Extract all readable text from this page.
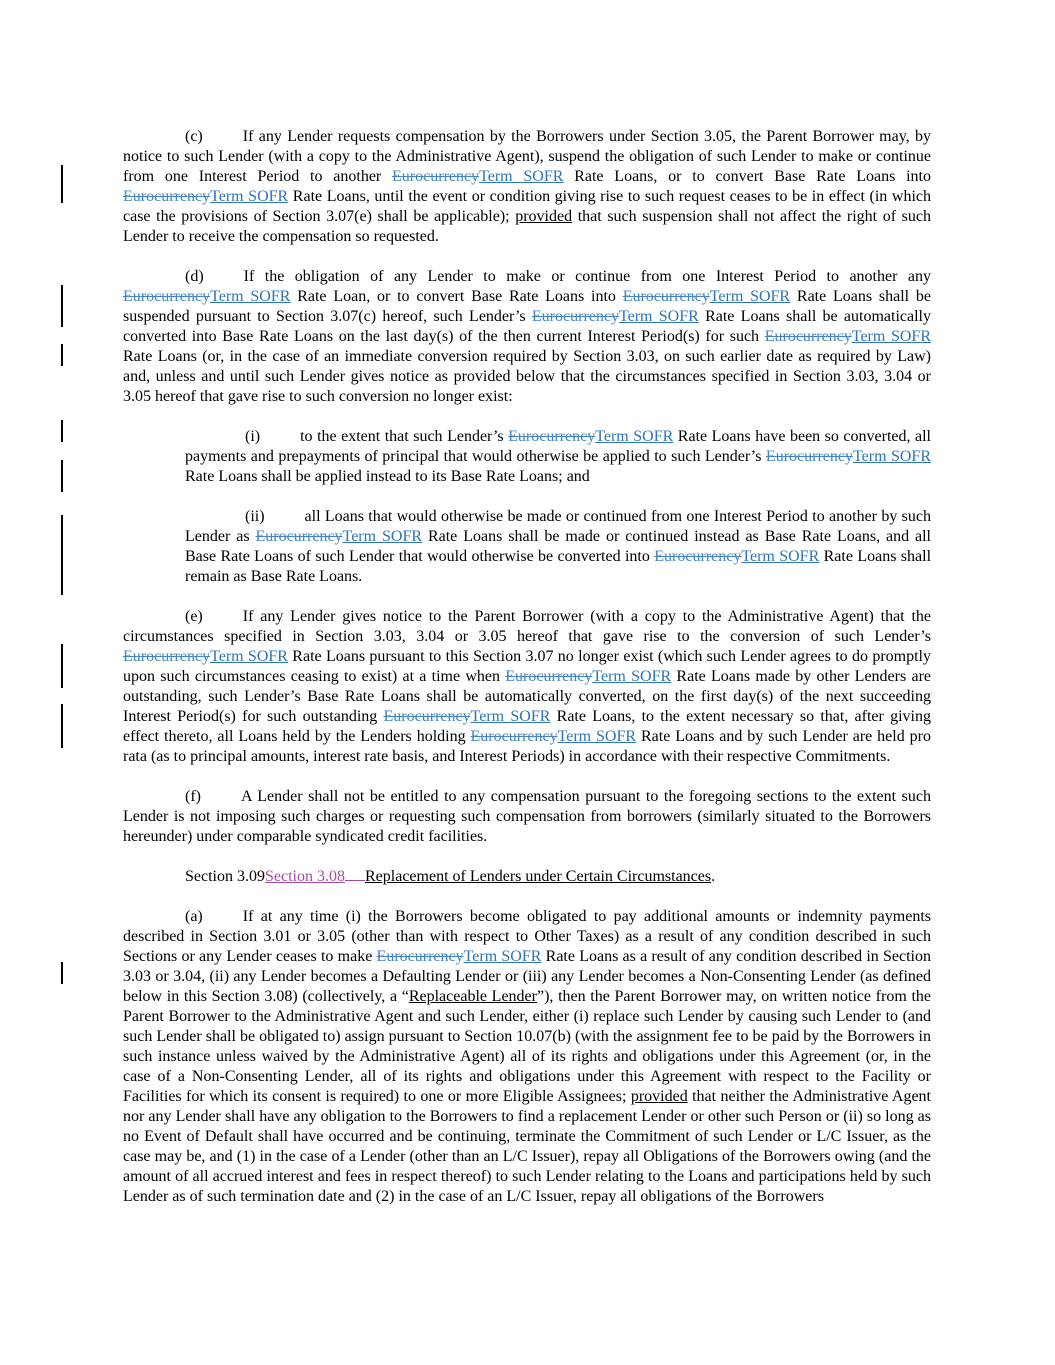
(c)	If any Lender requests compensation by the Borrowers under Section 3.05, the Parent Borrower may, by notice to such Lender (with a copy to the Administrative Agent), suspend the obligation of such Lender to make or continue from one Interest Period to another EurocurrencyTerm SOFR Rate Loans, or to convert Base Rate Loans into EurocurrencyTerm SOFR Rate Loans, until the event or condition giving rise to such request ceases to be in effect (in which case the provisions of Section 3.07(e) shall be applicable); provided that such suspension shall not affect the right of such Lender to receive the compensation so requested.

(d)	If the obligation of any Lender to make or continue from one Interest Period to another any EurocurrencyTerm SOFR Rate Loan, or to convert Base Rate Loans into EurocurrencyTerm SOFR Rate Loans shall be suspended pursuant to Section 3.07(c) hereof, such Lender’s EurocurrencyTerm SOFR Rate Loans shall be automatically converted into Base Rate Loans on the last day(s) of the then current Interest Period(s) for such EurocurrencyTerm SOFR Rate Loans (or, in the case of an immediate conversion required by Section 3.03, on such earlier date as required by Law) and, unless and until such Lender gives notice as provided below that the circumstances specified in Section 3.03, 3.04 or 3.05 hereof that gave rise to such conversion no longer exist:

(i)	to the extent that such Lender’s EurocurrencyTerm SOFR Rate Loans have been so converted, all payments and prepayments of principal that would otherwise be applied to such Lender’s EurocurrencyTerm SOFR Rate Loans shall be applied instead to its Base Rate Loans; and

(ii)	all Loans that would otherwise be made or continued from one Interest Period to another by such Lender as EurocurrencyTerm SOFR Rate Loans shall be made or continued instead as Base Rate Loans, and all Base Rate Loans of such Lender that would otherwise be converted into EurocurrencyTerm SOFR Rate Loans shall remain as Base Rate Loans.

(e)	If any Lender gives notice to the Parent Borrower (with a copy to the Administrative Agent) that the circumstances specified in Section 3.03, 3.04 or 3.05 hereof that gave rise to the conversion of such Lender’s EurocurrencyTerm SOFR Rate Loans pursuant to this Section 3.07 no longer exist (which such Lender agrees to do promptly upon such circumstances ceasing to exist) at a time when EurocurrencyTerm SOFR Rate Loans made by other Lenders are outstanding, such Lender’s Base Rate Loans shall be automatically converted, on the first day(s) of the next succeeding Interest Period(s) for such outstanding EurocurrencyTerm SOFR Rate Loans, to the extent necessary so that, after giving effect thereto, all Loans held by the Lenders holding EurocurrencyTerm SOFR Rate Loans and by such Lender are held pro rata (as to principal amounts, interest rate basis, and Interest Periods) in accordance with their respective Commitments.

(f)	A Lender shall not be entitled to any compensation pursuant to the foregoing sections to the extent such Lender is not imposing such charges or requesting such compensation from borrowers (similarly situated to the Borrowers hereunder) under comparable syndicated credit facilities.

Section 3.09Section 3.08 Replacement of Lenders under Certain Circumstances.

(a)	If at any time (i) the Borrowers become obligated to pay additional amounts or indemnity payments described in Section 3.01 or 3.05 (other than with respect to Other Taxes) as a result of any condition described in such Sections or any Lender ceases to make EurocurrencyTerm SOFR Rate Loans as a result of any condition described in Section 3.03 or 3.04, (ii) any Lender becomes a Defaulting Lender or (iii) any Lender becomes a Non-Consenting Lender (as defined below in this Section 3.08) (collectively, a “Replaceable Lender”), then the Parent Borrower may, on written notice from the Parent Borrower to the Administrative Agent and such Lender, either (i) replace such Lender by causing such Lender to (and such Lender shall be obligated to) assign pursuant to Section 10.07(b) (with the assignment fee to be paid by the Borrowers in such instance unless waived by the Administrative Agent) all of its rights and obligations under this Agreement (or, in the case of a Non-Consenting Lender, all of its rights and obligations under this Agreement with respect to the Facility or Facilities for which its consent is required) to one or more Eligible Assignees; provided that neither the Administrative Agent nor any Lender shall have any obligation to the Borrowers to find a replacement Lender or other such Person or (ii) so long as no Event of Default shall have occurred and be continuing, terminate the Commitment of such Lender or L/C Issuer, as the case may be, and (1) in the case of a Lender (other than an L/C Issuer), repay all Obligations of the Borrowers owing (and the amount of all accrued interest and fees in respect thereof) to such Lender relating to the Loans and participations held by such Lender as of such termination date and (2) in the case of an L/C Issuer, repay all obligations of the Borrowers
